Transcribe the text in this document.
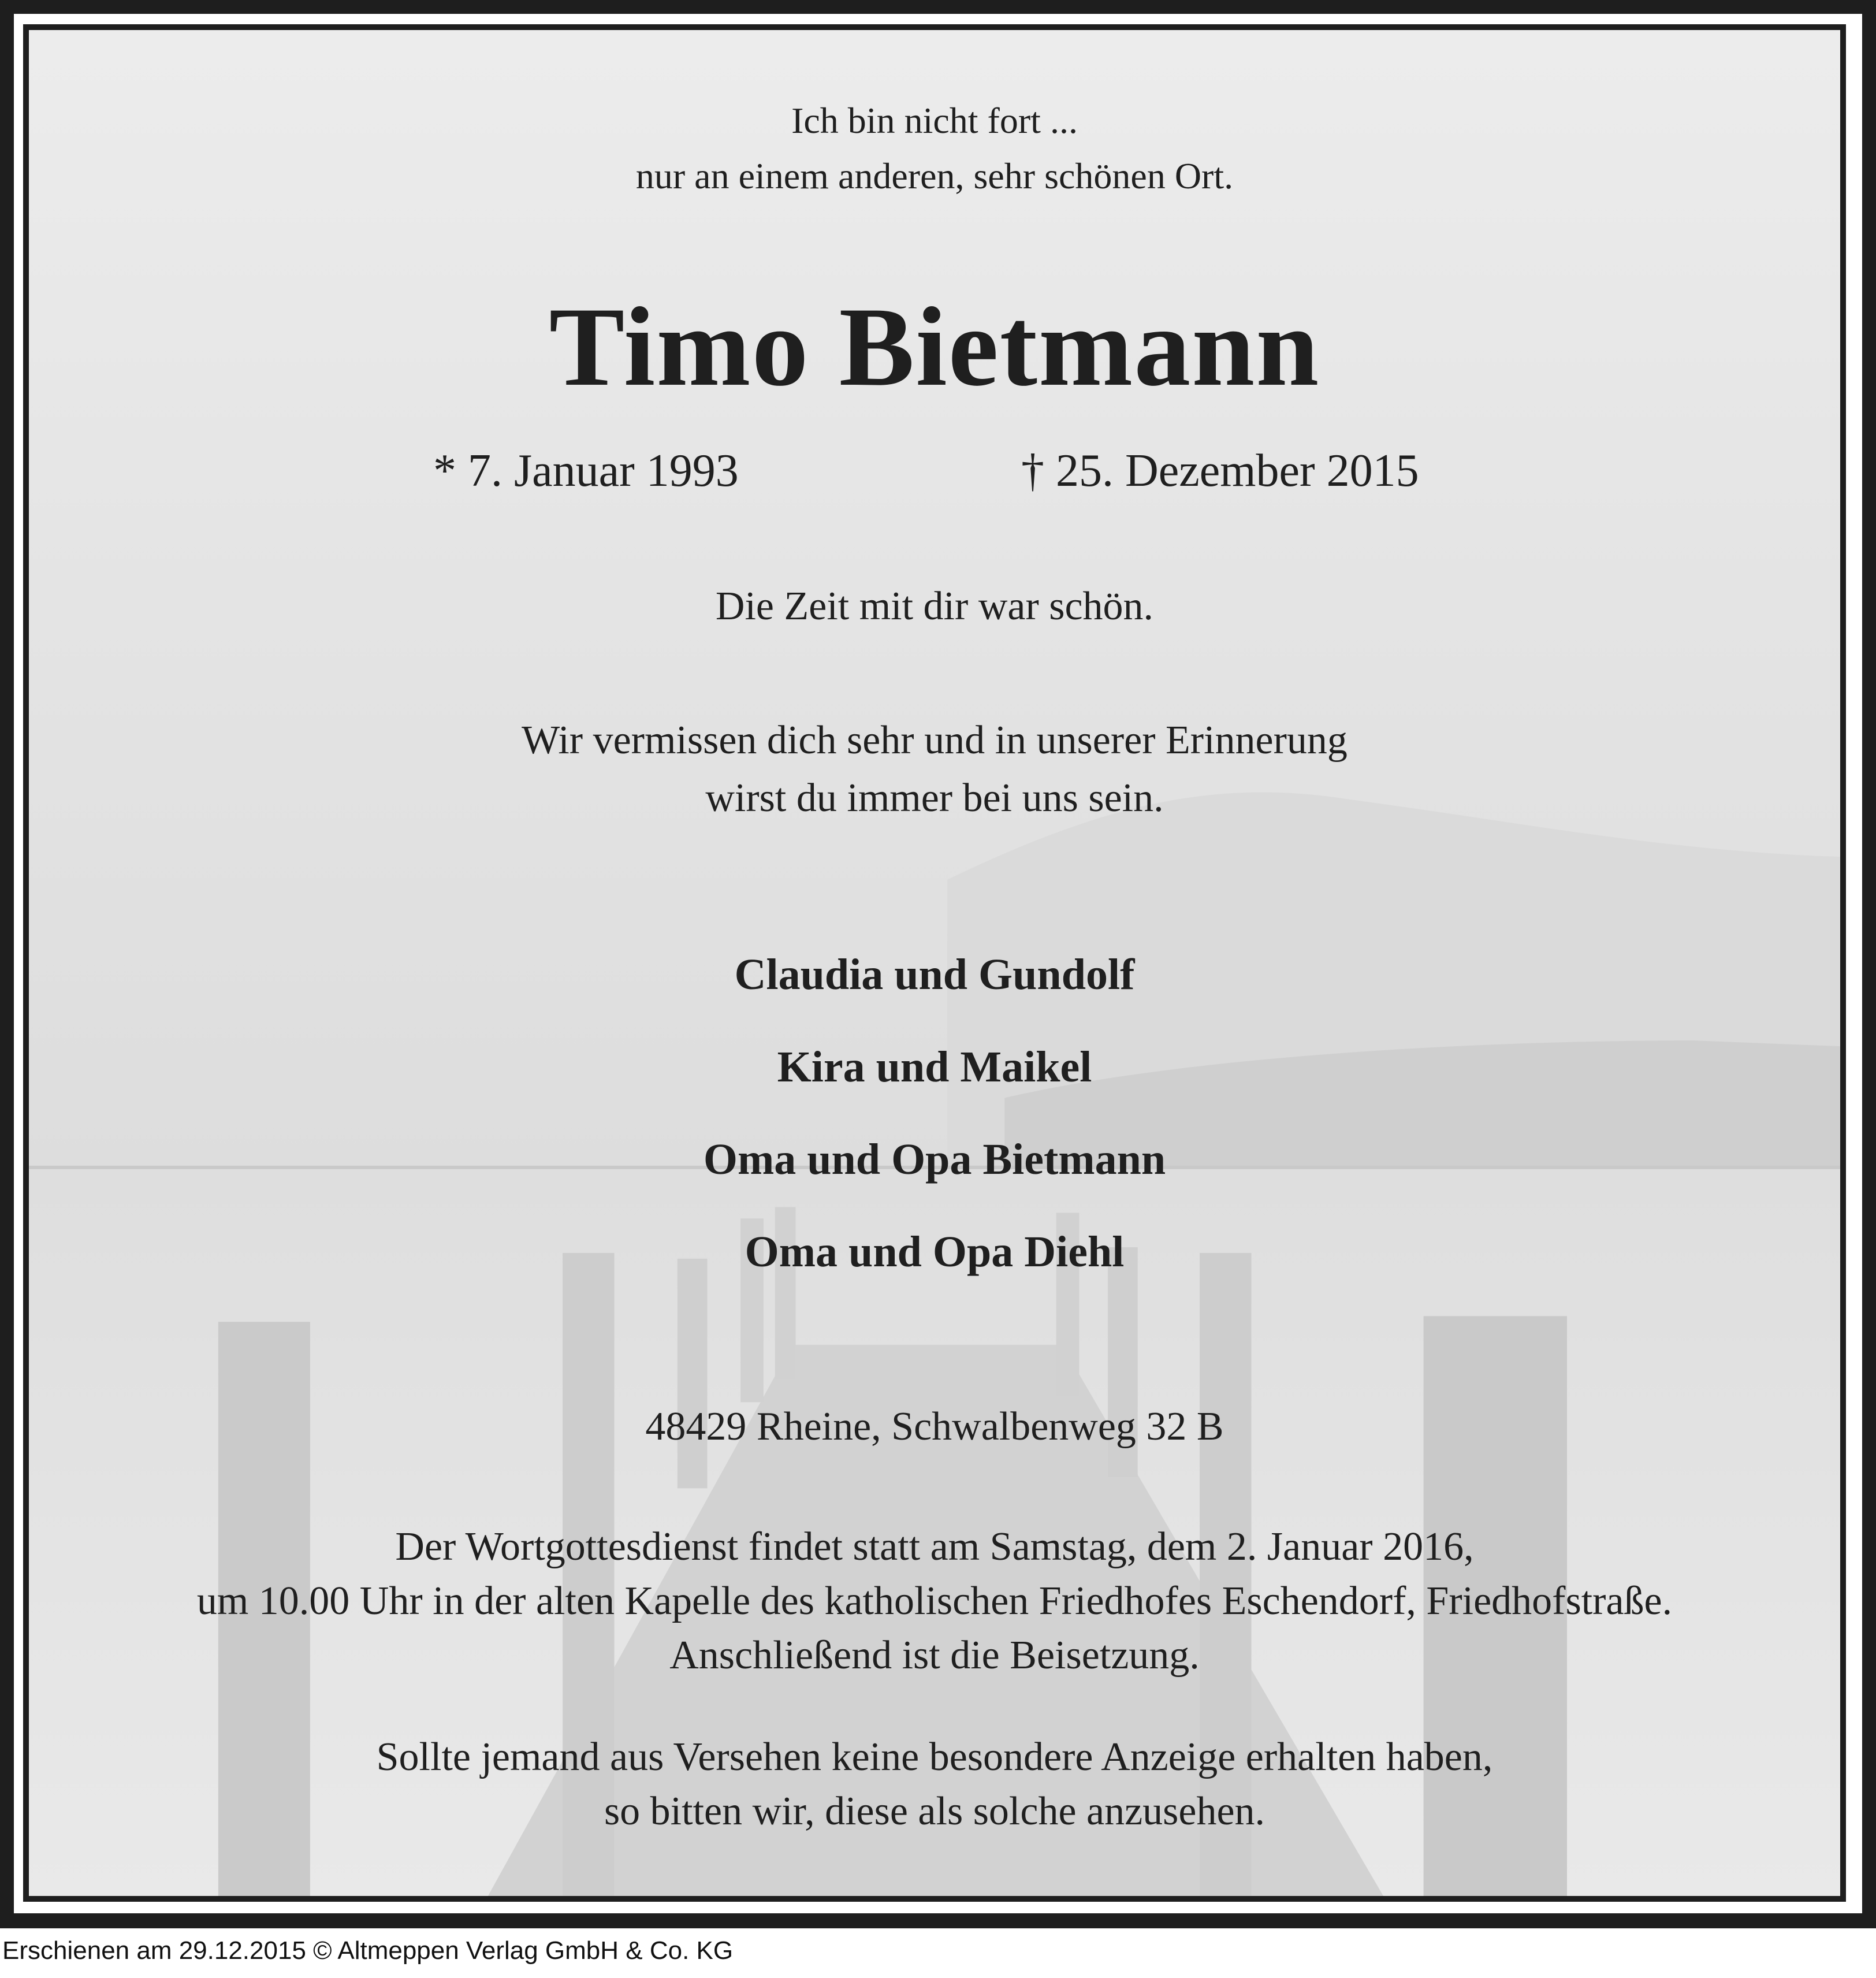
Ich bin nicht fort ...
nur an einem anderen, sehr schönen Ort.
Timo Bietmann
* 7. Januar 1993	† 25. Dezember 2015
Die Zeit mit dir war schön.
Wir vermissen dich sehr und in unserer Erinnerung
wirst du immer bei uns sein.
Claudia und Gundolf
Kira und Maikel
Oma und Opa Bietmann
Oma und Opa Diehl
48429 Rheine, Schwalbenweg 32 B
Der Wortgottesdienst findet statt am Samstag, dem 2. Januar 2016,
um 10.00 Uhr in der alten Kapelle des katholischen Friedhofes Eschendorf, Friedhofstraße.
Anschließend ist die Beisetzung.
Sollte jemand aus Versehen keine besondere Anzeige erhalten haben,
so bitten wir, diese als solche anzusehen.
Erschienen am 29.12.2015 © Altmeppen Verlag GmbH & Co. KG
